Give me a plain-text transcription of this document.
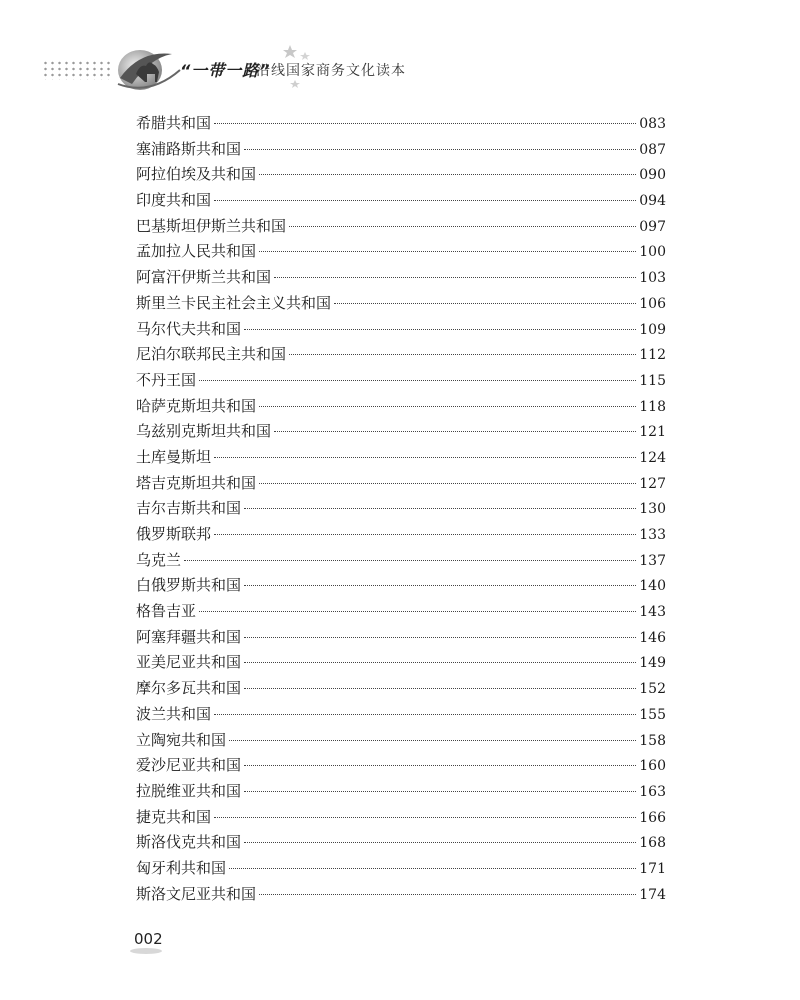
“一带一路”
沿线国家商务文化读本
希腊共和国	083
塞浦路斯共和国	087
阿拉伯埃及共和国	090
印度共和国	094
巴基斯坦伊斯兰共和国	097
孟加拉人民共和国	100
阿富汗伊斯兰共和国	103
斯里兰卡民主社会主义共和国	106
马尔代夫共和国	109
尼泊尔联邦民主共和国	112
不丹王国	115
哈萨克斯坦共和国	118
乌兹别克斯坦共和国	121
土库曼斯坦	124
塔吉克斯坦共和国	127
吉尔吉斯共和国	130
俄罗斯联邦	133
乌克兰	137
白俄罗斯共和国	140
格鲁吉亚	143
阿塞拜疆共和国	146
亚美尼亚共和国	149
摩尔多瓦共和国	152
波兰共和国	155
立陶宛共和国	158
爱沙尼亚共和国	160
拉脱维亚共和国	163
捷克共和国	166
斯洛伐克共和国	168
匈牙利共和国	171
斯洛文尼亚共和国	174
002
